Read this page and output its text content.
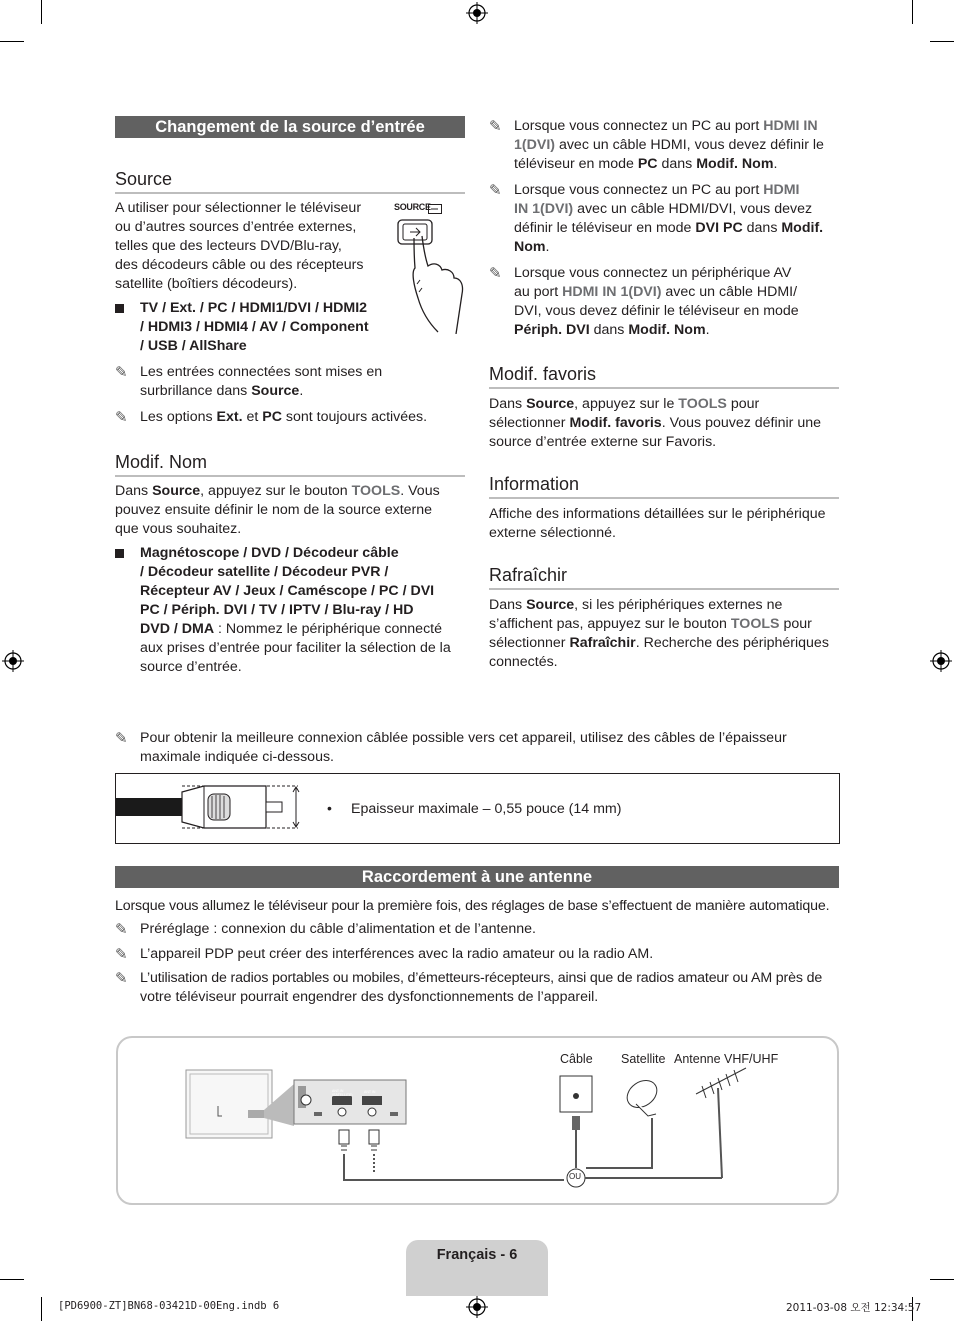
Changement de la source d’entrée
Source

A utiliser pour sélectionner le téléviseur

ou d’autres sources d’entrée externes,

telles que des lecteurs DVD/Blu-ray,

des décodeurs câble ou des récepteurs

satellite (boîtiers décodeurs).

SOURCE
TV / Ext. / PC / HDMI1/DVI / HDMI2
/ HDMI3 / HDMI4 / AV / Component
/ USB / AllShare
✎ Les entrées connectées sont mises en
surbrillance dans Source.
✎ Les options Ext. et PC sont toujours activées.
Modif. Nom

Dans Source, appuyez sur le bouton TOOLS. Vous

pouvez ensuite définir le nom de la source externe

que vous souhaitez.

Magnétoscope / DVD / Décodeur câble
/ Décodeur satellite / Décodeur PVR /
Récepteur AV / Jeux / Caméscope / PC / DVI
PC / Périph. DVI / TV / IPTV / Blu-ray / HD
DVD / DMA : Nommez le périphérique connecté
aux prises d’entrée pour faciliter la sélection de la
source d’entrée.
✎ Lorsque vous connectez un PC au port HDMI IN
1(DVI) avec un câble HDMI, vous devez définir le
téléviseur en mode PC dans Modif. Nom.
✎ Lorsque vous connectez un PC au port HDMI
IN 1(DVI) avec un câble HDMI/DVI, vous devez
définir le téléviseur en mode DVI PC dans Modif.
Nom.
✎ Lorsque vous connectez un périphérique AV
au port HDMI IN 1(DVI) avec un câble HDMI/
DVI, vous devez définir le téléviseur en mode
Périph. DVI dans Modif. Nom.
Modif. favoris

Dans Source, appuyez sur le TOOLS pour

sélectionner Modif. favoris. Vous pouvez définir une

source d’entrée externe sur Favoris.

Information

Affiche des informations détaillées sur le périphérique

externe sélectionné.

Rafraîchir

Dans Source, si les périphériques externes ne

s’affichent pas, appuyez sur le bouton TOOLS pour

sélectionner Rafraîchir. Recherche des périphériques

connectés.

✎ Pour obtenir la meilleure connexion câblée possible vers cet appareil, utilisez des câbles de l’épaisseur
maximale indiquée ci-dessous.
• Epaisseur maximale – 0,55 pouce (14 mm)
Raccordement à une antenne

Lorsque vous allumez le téléviseur pour la première fois, des réglages de base s’effectuent de manière automatique.

✎ Préréglage : connexion du câble d’alimentation et de l’antenne.
✎ L’appareil PDP peut créer des interférences avec la radio amateur ou la radio AM.
✎ L’utilisation de radios portables ou mobiles, d’émetteurs-récepteurs, ainsi que de radios amateur ou AM près de
votre téléviseur pourrait engendrer des dysfonctionnements de l’appareil.
Câble Satellite Antenne VHF/UHF
OU
ANT IN (SATELLITE)
ANT IN
Français - 6
[PD6900-ZT]BN68-03421D-00Eng.indb 6	2011-03-08 오전 12:34:57
